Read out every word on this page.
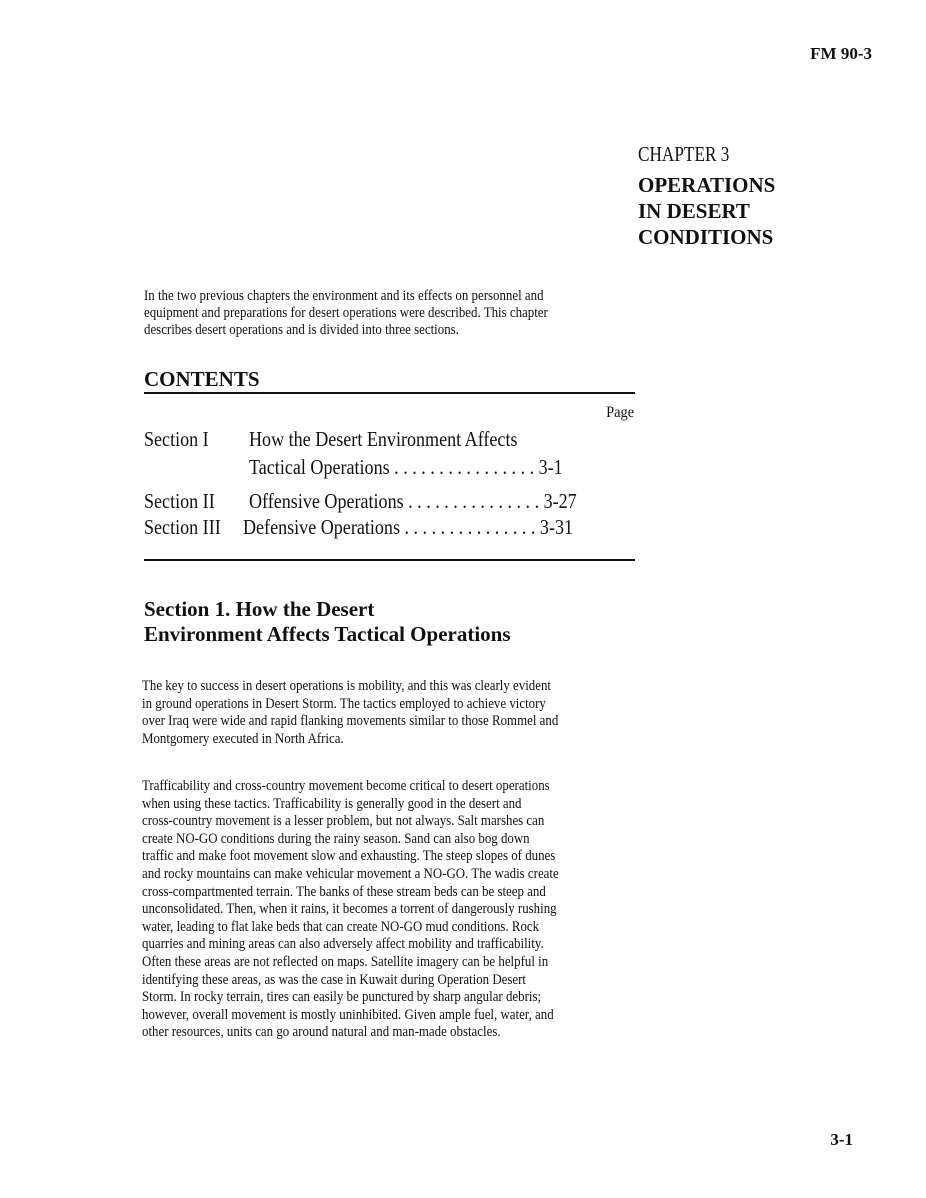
FM 90-3
CHAPTER 3
OPERATIONS
IN DESERT
CONDITIONS
In the two previous chapters the environment and its effects on personnel and
equipment and preparations for desert operations were described. This chapter
describes desert operations and is divided into three sections.
CONTENTS
Page
Section I How the Desert Environment Affects
Tactical Operations . . . . . . . . . . . . . . . . 3-1
Section II Offensive Operations . . . . . . . . . . . . . . . 3-27
Section III Defensive Operations . . . . . . . . . . . . . . . 3-31
Section 1. How the Desert
Environment Affects Tactical Operations
The key to success in desert operations is mobility, and this was clearly evident
in ground operations in Desert Storm. The tactics employed to achieve victory
over Iraq were wide and rapid flanking movements similar to those Rommel and
Montgomery executed in North Africa.
Trafficability and cross-country movement become critical to desert operations
when using these tactics. Trafficability is generally good in the desert and
cross-country movement is a lesser problem, but not always. Salt marshes can
create NO-GO conditions during the rainy season. Sand can also bog down
traffic and make foot movement slow and exhausting. The steep slopes of dunes
and rocky mountains can make vehicular movement a NO-GO. The wadis create
cross-compartmented terrain. The banks of these stream beds can be steep and
unconsolidated. Then, when it rains, it becomes a torrent of dangerously rushing
water, leading to flat lake beds that can create NO-GO mud conditions. Rock
quarries and mining areas can also adversely affect mobility and trafficability.
Often these areas are not reflected on maps. Satellite imagery can be helpful in
identifying these areas, as was the case in Kuwait during Operation Desert
Storm. In rocky terrain, tires can easily be punctured by sharp angular debris;
however, overall movement is mostly uninhibited. Given ample fuel, water, and
other resources, units can go around natural and man-made obstacles.
3-1
